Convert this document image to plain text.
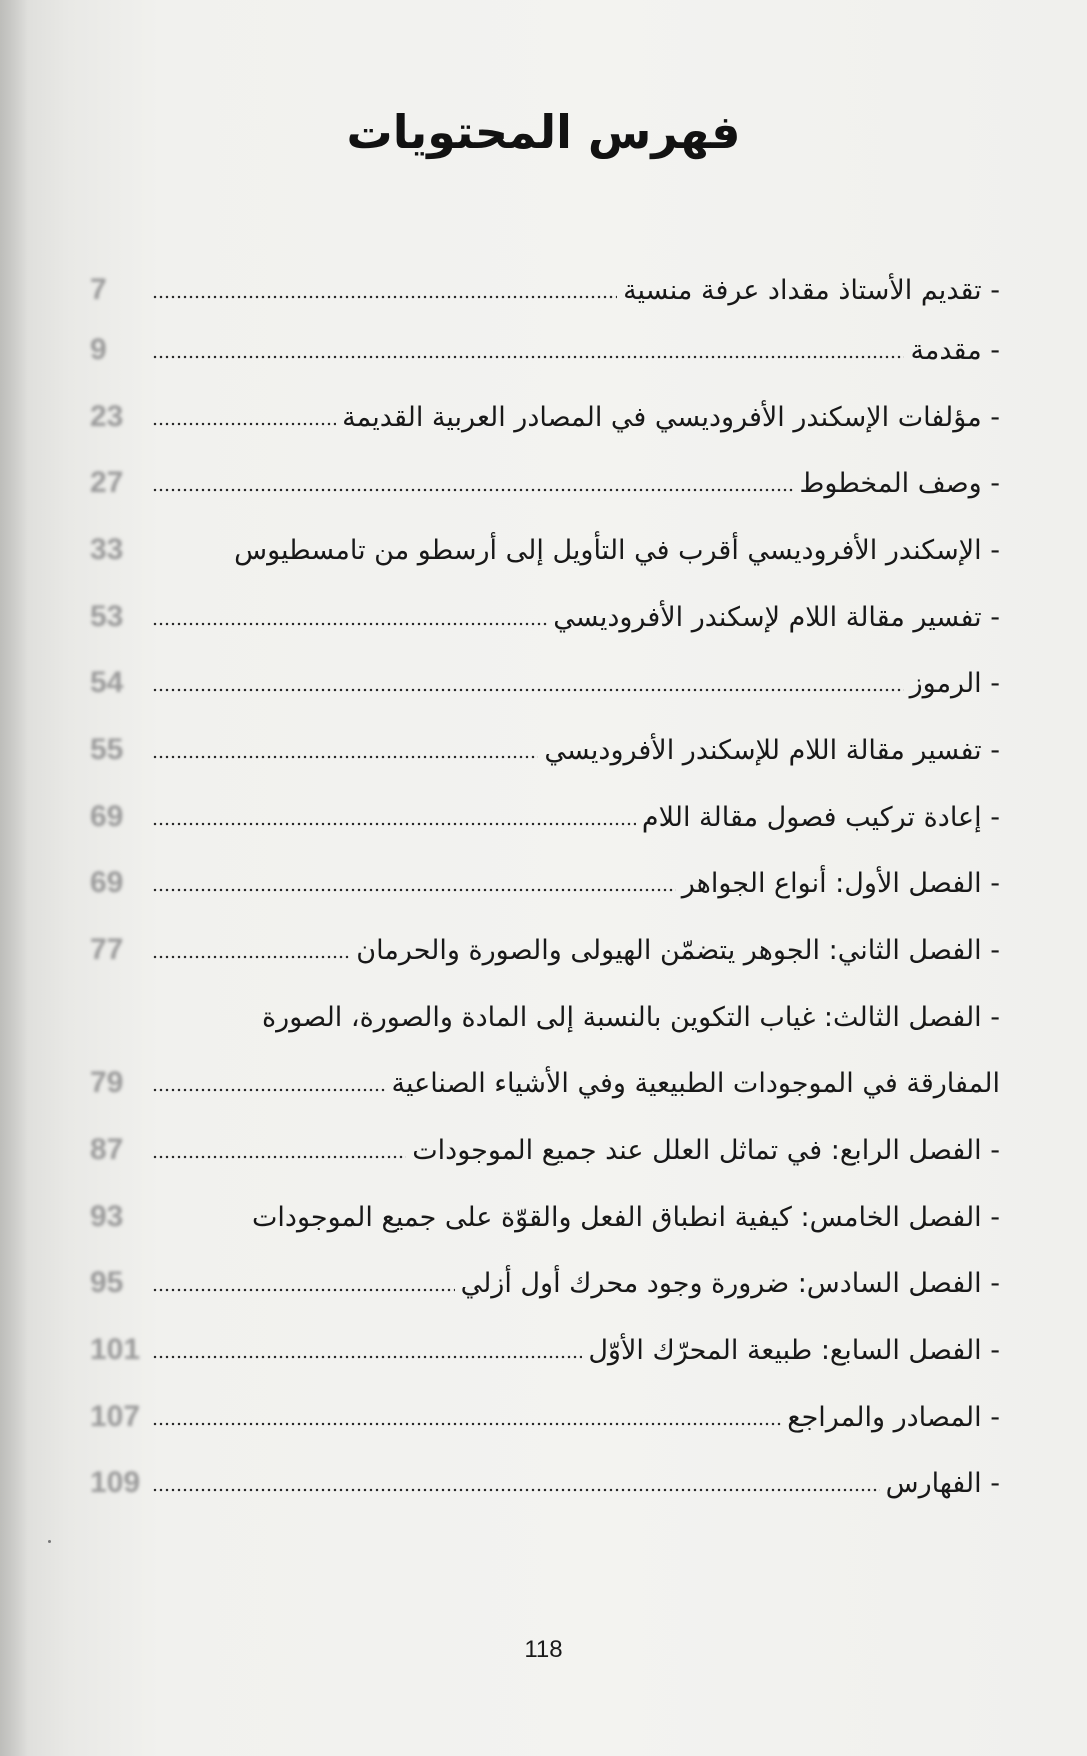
فهرس المحتويات
7	- تقديم الأستاذ مقداد عرفة منسية
9	- مقدمة
23	- مؤلفات الإسكندر الأفروديسي في المصادر العربية القديمة
27	- وصف المخطوط
33	- الإسكندر الأفروديسي أقرب في التأويل إلى أرسطو من تامسطيوس
53	- تفسير مقالة اللام لإسكندر الأفروديسي
54	- الرموز
55	- تفسير مقالة اللام للإسكندر الأفروديسي
69	- إعادة تركيب فصول مقالة اللام
69	- الفصل الأول: أنواع الجواهر
77	- الفصل الثاني: الجوهر يتضمّن الهيولى والصورة والحرمان
- الفصل الثالث: غياب التكوين بالنسبة إلى المادة والصورة، الصورة
79	المفارقة في الموجودات الطبيعية وفي الأشياء الصناعية
87	- الفصل الرابع: في تماثل العلل عند جميع الموجودات
93	- الفصل الخامس: كيفية انطباق الفعل والقوّة على جميع الموجودات
95	- الفصل السادس: ضرورة وجود محرك أول أزلي
101	- الفصل السابع: طبيعة المحرّك الأوّل
107	- المصادر والمراجع
109	- الفهارس
118
